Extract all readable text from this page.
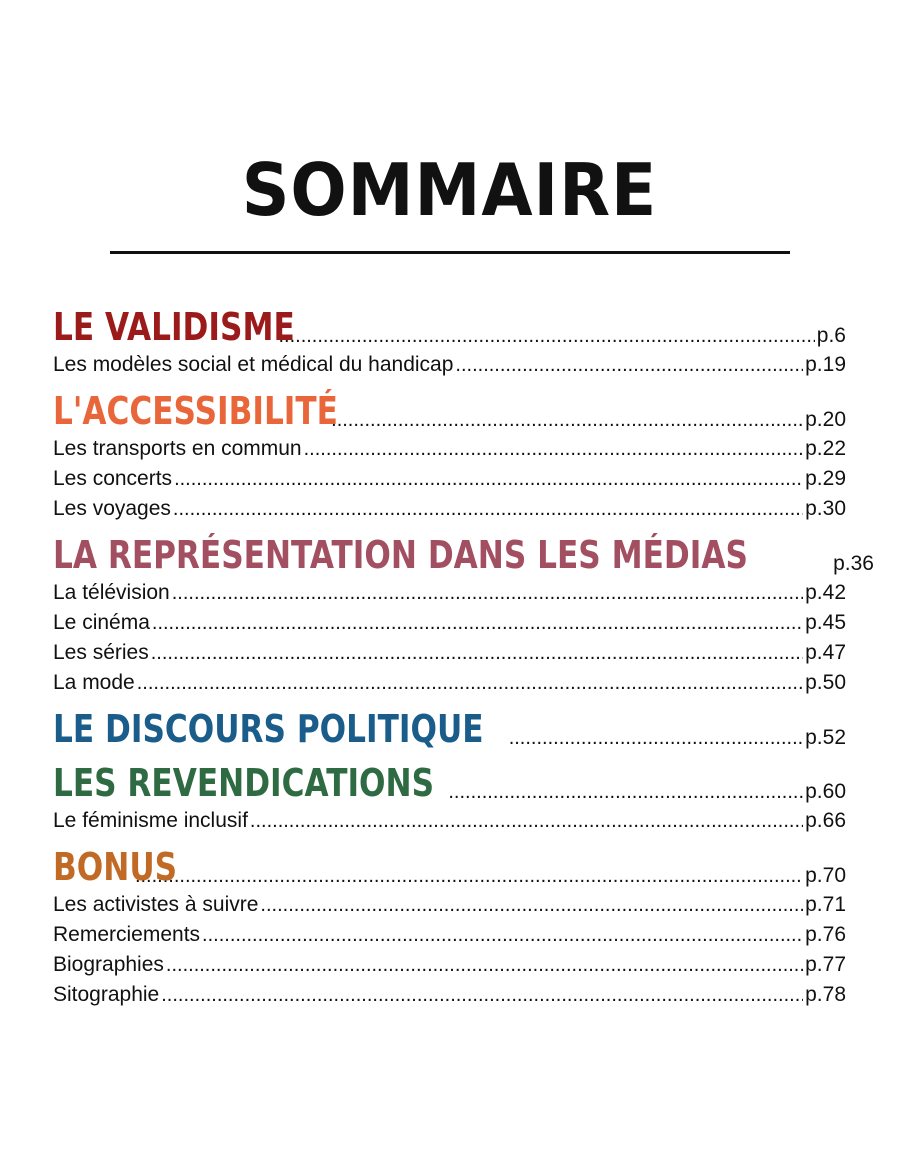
SOMMAIRE
LE VALIDISME .....	p.6
Les modèles social et médical du handicap .....	p.19
L'ACCESSIBILITÉ .....	p.20
Les transports en commun .....	p.22
Les concerts .....	p.29
Les voyages .....	p.30
LA REPRÉSENTATION DANS LES MÉDIAS	p.36
La télévision .....	p.42
Le cinéma .....	p.45
Les séries .....	p.47
La mode .....	p.50
LE DISCOURS POLITIQUE .....	p.52
LES REVENDICATIONS .....	p.60
Le féminisme inclusif .....	p.66
BONUS .....	p.70
Les activistes à suivre .....	p.71
Remerciements .....	p.76
Biographies .....	p.77
Sitographie .....	p.78
